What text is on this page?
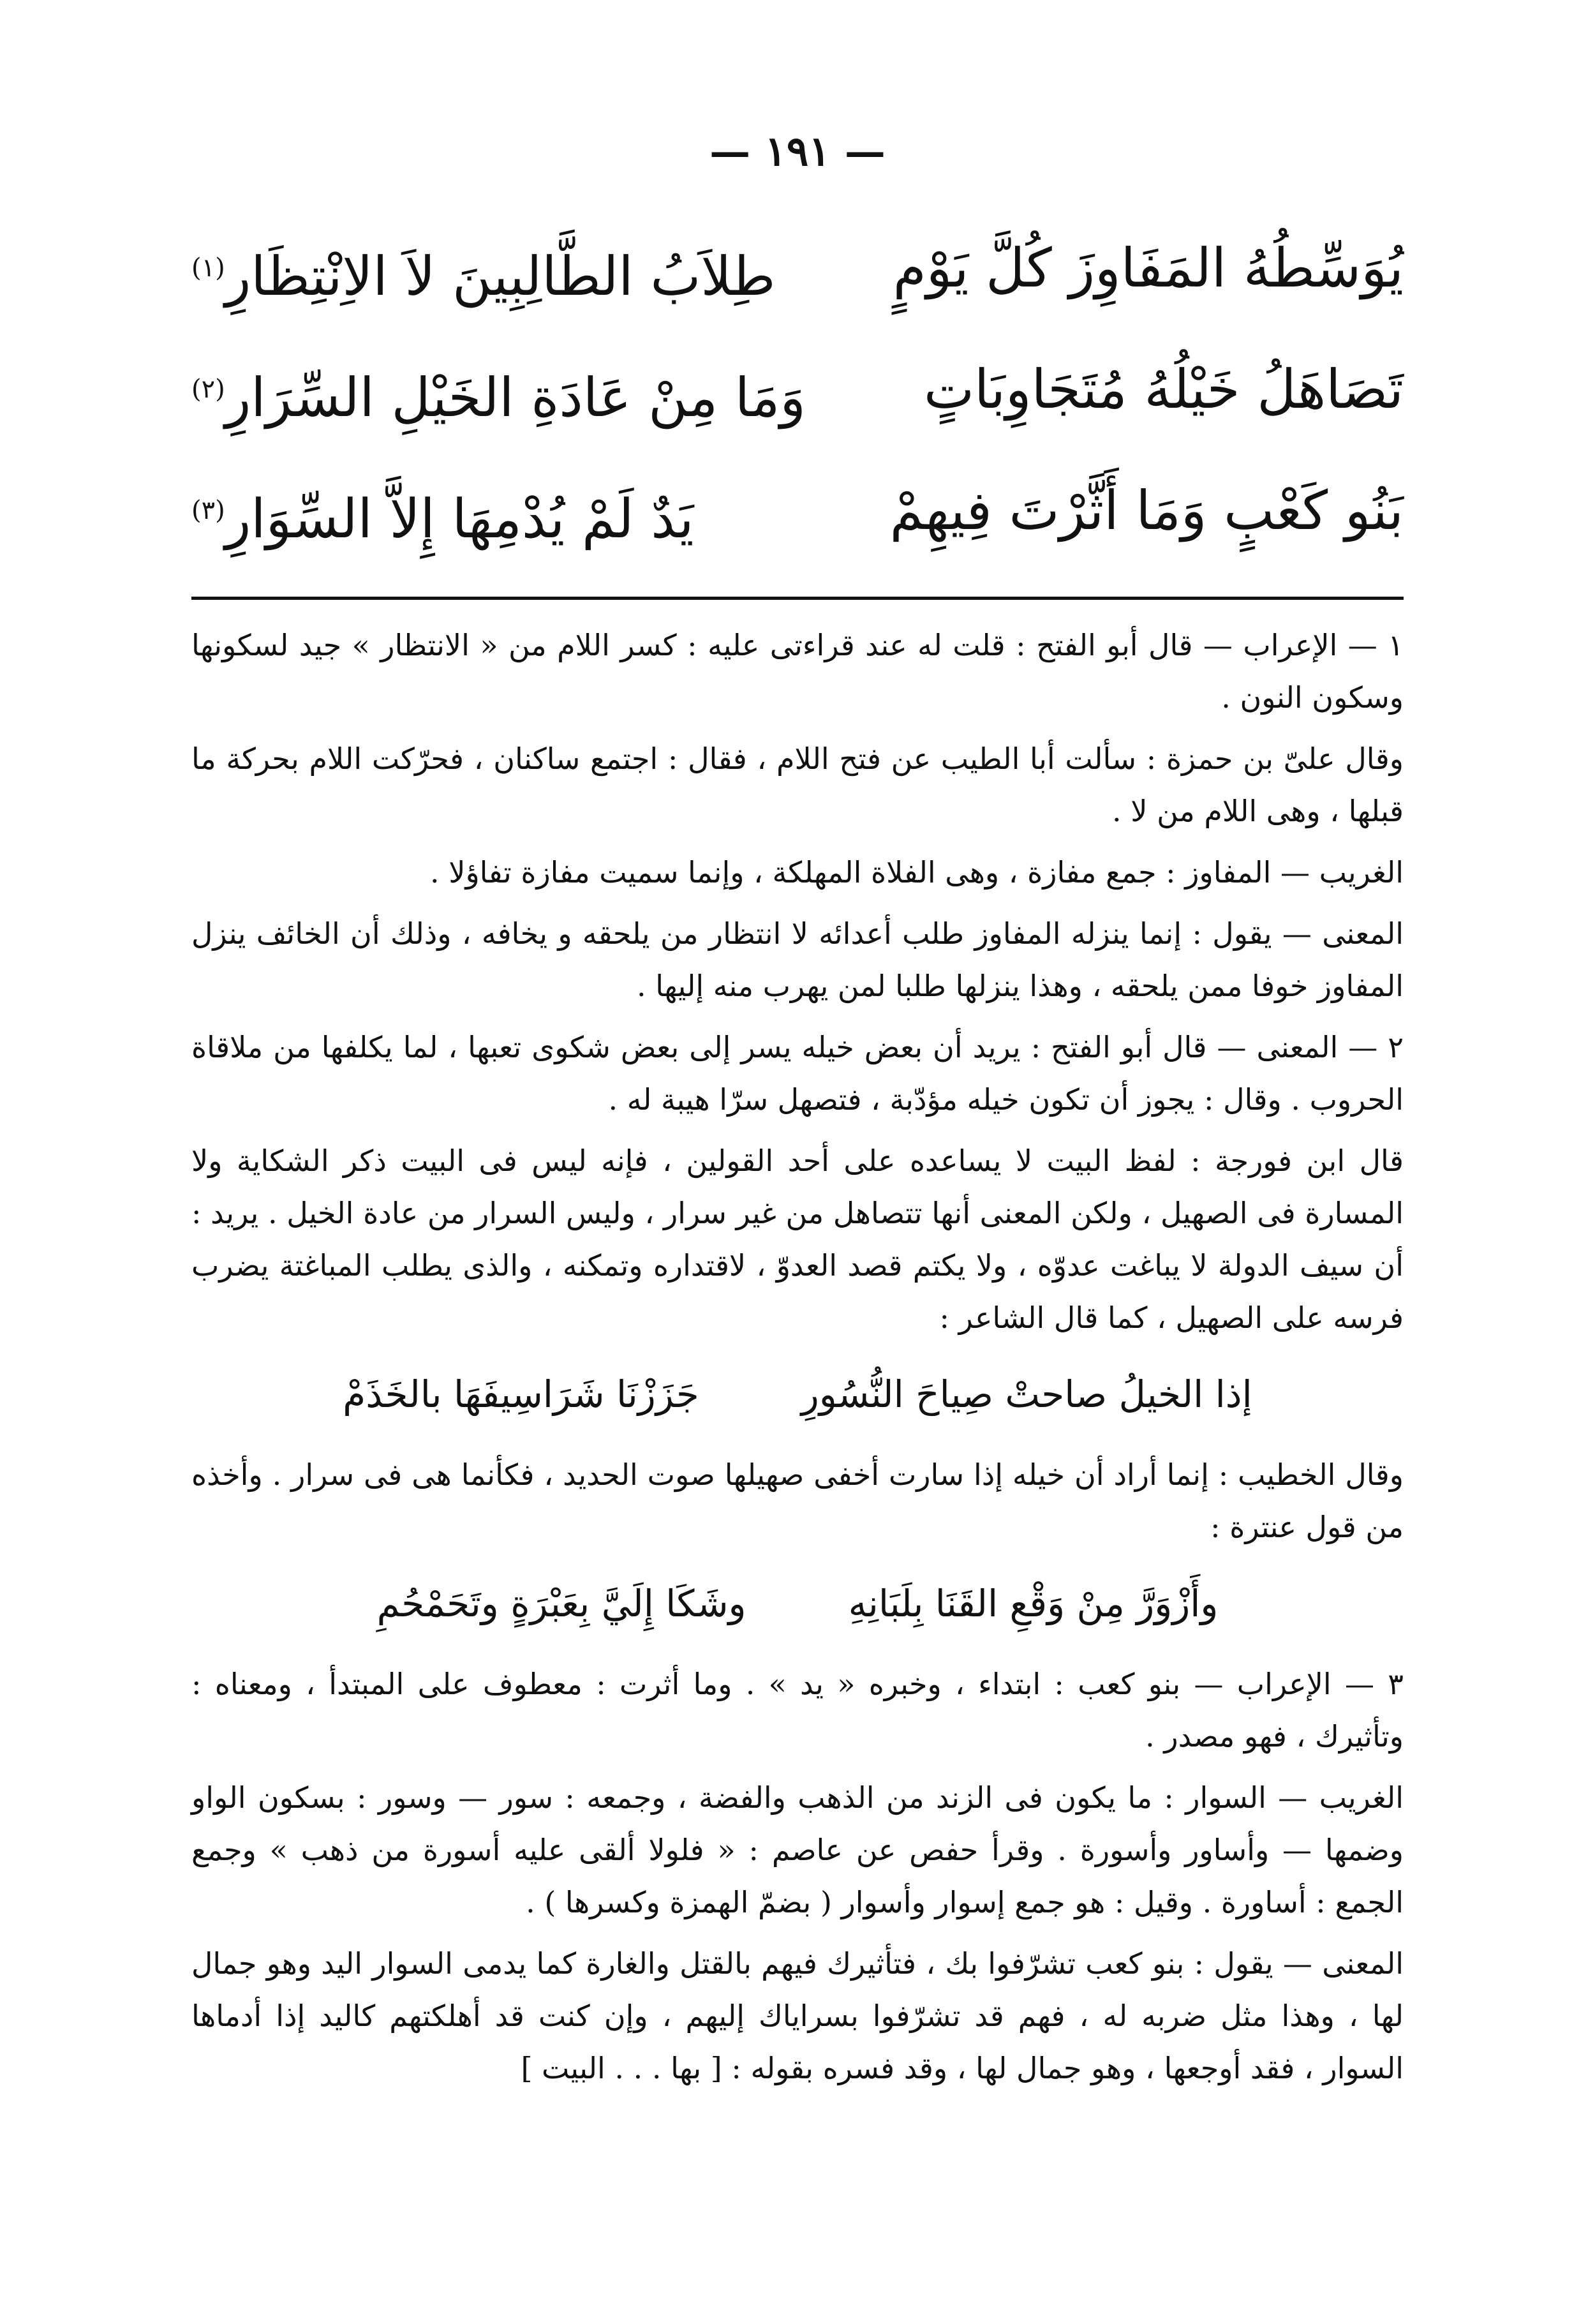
— ١٩١ —
يُوَسِّطُهُ المَفَاوِزَ كُلَّ يَوْمٍ
طِلاَبُ الطَّالِبِينَ لاَ الاِنْتِظَارِ$^{(١)}$
تَصَاهَلُ خَيْلُهُ مُتَجَاوِبَاتٍ
وَمَا مِنْ عَادَةِ الخَيْلِ السِّرَارِ$^{(٢)}$
بَنُو كَعْبٍ وَمَا أَثَّرْتَ فِيهِمْ
يَدٌ لَمْ يُدْمِهَا إِلاَّ السِّوَارِ$^{(٣)}$

١ — الإعراب — قال أبو الفتح : قلت له عند قراءتى عليه : كسر اللام من « الانتظار » جيد لسكونها وسكون النون .

وقال علىّ بن حمزة : سألت أبا الطيب عن فتح اللام ، فقال : اجتمع ساكنان ، فحرّكت اللام بحركة ما قبلها ، وهى اللام من لا .

الغريب — المفاوز : جمع مفازة ، وهى الفلاة المهلكة ، وإنما سميت مفازة تفاؤلا .

المعنى — يقول : إنما ينزله المفاوز طلب أعدائه لا انتظار من يلحقه و يخافه ، وذلك أن الخائف ينزل المفاوز خوفا ممن يلحقه ، وهذا ينزلها طلبا لمن يهرب منه إليها .

٢ — المعنى — قال أبو الفتح : يريد أن بعض خيله يسر إلى بعض شكوى تعبها ، لما يكلفها من ملاقاة الحروب . وقال : يجوز أن تكون خيله مؤدّبة ، فتصهل سرّا هيبة له .

قال ابن فورجة : لفظ البيت لا يساعده على أحد القولين ، فإنه ليس فى البيت ذكر الشكاية ولا المسارة فى الصهيل ، ولكن المعنى أنها تتصاهل من غير سرار ، وليس السرار من عادة الخيل . يريد : أن سيف الدولة لا يباغت عدوّه ، ولا يكتم قصد العدوّ ، لاقتداره وتمكنه ، والذى يطلب المباغتة يضرب فرسه على الصهيل ، كما قال الشاعر :

إذا الخيلُ صاحتْ صِياحَ النُّسُورِ
جَزَزْنَا شَرَاسِيفَهَا بالخَذَمْ

وقال الخطيب : إنما أراد أن خيله إذا سارت أخفى صهيلها صوت الحديد ، فكأنما هى فى سرار . وأخذه من قول عنترة :

وأَزْوَرَّ مِنْ وَقْعِ القَنَا بِلَبَانِهِ
وشَكَا إِلَيَّ بِعَبْرَةٍ وتَحَمْحُمِ

٣ — الإعراب — بنو كعب : ابتداء ، وخبره « يد » . وما أثرت : معطوف على المبتدأ ، ومعناه : وتأثيرك ، فهو مصدر .

الغريب — السوار : ما يكون فى الزند من الذهب والفضة ، وجمعه : سور — وسور : بسكون الواو وضمها — وأساور وأسورة . وقرأ حفص عن عاصم : « فلولا ألقى عليه أسورة من ذهب » وجمع الجمع : أساورة . وقيل : هو جمع إسوار وأسوار ( بضمّ الهمزة وكسرها ) .

المعنى — يقول : بنو كعب تشرّفوا بك ، فتأثيرك فيهم بالقتل والغارة كما يدمى السوار اليد وهو جمال لها ، وهذا مثل ضربه له ، فهم قد تشرّفوا بسراياك إليهم ، وإن كنت قد أهلكتهم كاليد إذا أدماها السوار ، فقد أوجعها ، وهو جمال لها ، وقد فسره بقوله : [ بها . . . البيت ]
